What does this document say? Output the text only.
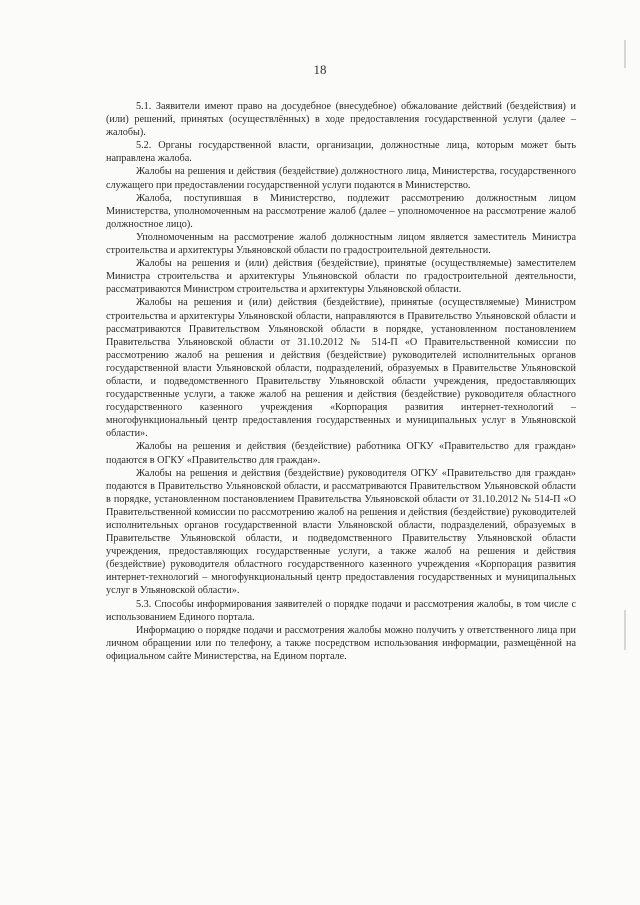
18

5.1. Заявители имеют право на досудебное (внесудебное) обжалование действий (бездействия) и (или) решений, принятых (осуществлённых) в ходе предоставления государственной услуги (далее – жалобы).

5.2. Органы государственной власти, организации, должностные лица, которым может быть направлена жалоба.

Жалобы на решения и действия (бездействие) должностного лица, Министерства, государственного служащего при предоставлении государственной услуги подаются в Министерство.

Жалоба, поступившая в Министерство, подлежит рассмотрению должностным лицом Министерства, уполномоченным на рассмотрение жалоб (далее – уполномоченное на рассмотрение жалоб должностное лицо).

Уполномоченным на рассмотрение жалоб должностным лицом является заместитель Министра строительства и архитектуры Ульяновской области по градостроительной деятельности.

Жалобы на решения и (или) действия (бездействие), принятые (осуществляемые) заместителем Министра строительства и архитектуры Ульяновской области по градостроительной деятельности, рассматриваются Министром строительства и архитектуры Ульяновской области.

Жалобы на решения и (или) действия (бездействие), принятые (осуществляемые) Министром строительства и архитектуры Ульяновской области, направляются в Правительство Ульяновской области и рассматриваются Правительством Ульяновской области в порядке, установленном постановлением Правительства Ульяновской области от 31.10.2012 № 514-П «О Правительственной комиссии по рассмотрению жалоб на решения и действия (бездействие) руководителей исполнительных органов государственной власти Ульяновской области, подразделений, образуемых в Правительстве Ульяновской области, и подведомственного Правительству Ульяновской области учреждения, предоставляющих государственные услуги, а также жалоб на решения и действия (бездействие) руководителя областного государственного казенного учреждения «Корпорация развития интернет-технологий – многофункциональный центр предоставления государственных и муниципальных услуг в Ульяновской области».

Жалобы на решения и действия (бездействие) работника ОГКУ «Правительство для граждан» подаются в ОГКУ «Правительство для граждан».

Жалобы на решения и действия (бездействие) руководителя ОГКУ «Правительство для граждан» подаются в Правительство Ульяновской области, и рассматриваются Правительством Ульяновской области в порядке, установленном постановлением Правительства Ульяновской области от 31.10.2012 № 514-П «О Правительственной комиссии по рассмотрению жалоб на решения и действия (бездействие) руководителей исполнительных органов государственной власти Ульяновской области, подразделений, образуемых в Правительстве Ульяновской области, и подведомственного Правительству Ульяновской области учреждения, предоставляющих государственные услуги, а также жалоб на решения и действия (бездействие) руководителя областного государственного казенного учреждения «Корпорация развития интернет-технологий – многофункциональный центр предоставления государственных и муниципальных услуг в Ульяновской области».

5.3. Способы информирования заявителей о порядке подачи и рассмотрения жалобы, в том числе с использованием Единого портала.

Информацию о порядке подачи и рассмотрения жалобы можно получить у ответственного лица при личном обращении или по телефону, а также посредством использования информации, размещённой на официальном сайте Министерства, на Едином портале.
